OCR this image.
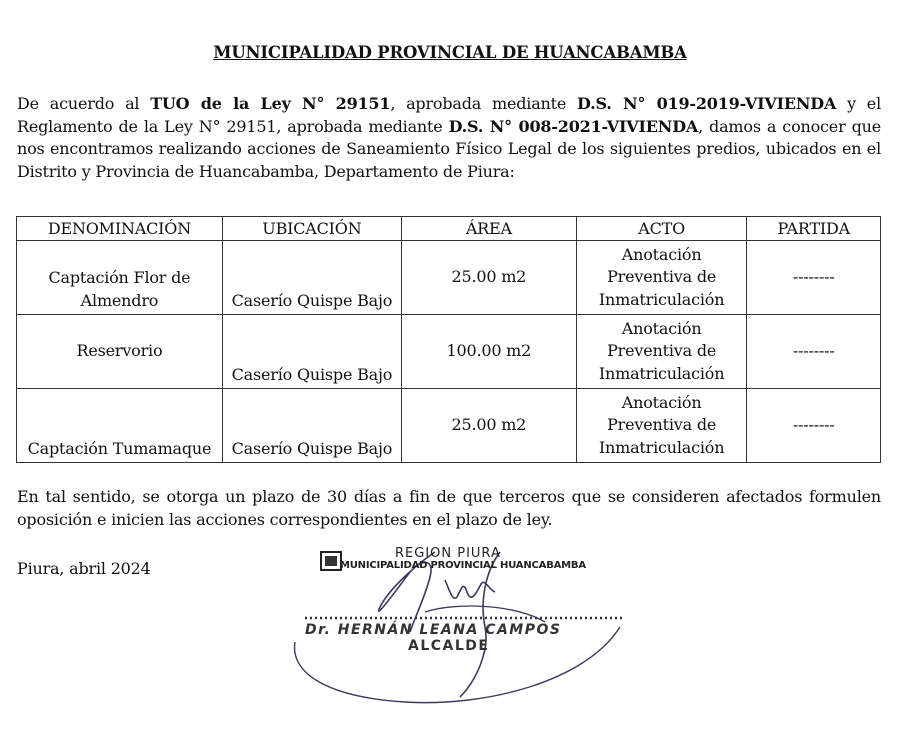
MUNICIPALIDAD PROVINCIAL DE HUANCABAMBA
De acuerdo al TUO de la Ley N° 29151, aprobada mediante D.S. N° 019-2019-VIVIENDA y el Reglamento de la Ley N° 29151, aprobada mediante D.S. N° 008-2021-VIVIENDA, damos a conocer que nos encontramos realizando acciones de Saneamiento Físico Legal de los siguientes predios, ubicados en el Distrito y Provincia de Huancabamba, Departamento de Piura:
DENOMINACIÓN	UBICACIÓN	ÁREA	ACTO	PARTIDA
Captación Flor de Almendro	Caserío Quispe Bajo	25.00 m2	Anotación Preventiva de Inmatriculación	--------
Reservorio	Caserío Quispe Bajo	100.00 m2	Anotación Preventiva de Inmatriculación	--------
Captación Tumamaque	Caserío Quispe Bajo	25.00 m2	Anotación Preventiva de Inmatriculación	--------
En tal sentido, se otorga un plazo de 30 días a fin de que terceros que se consideren afectados formulen oposición e inicien las acciones correspondientes en el plazo de ley.
Piura, abril 2024
REGION PIURA
MUNICIPALIDAD PROVINCIAL HUANCABAMBA
Dr. HERNÁN LEANA CAMPOS
ALCALDE
